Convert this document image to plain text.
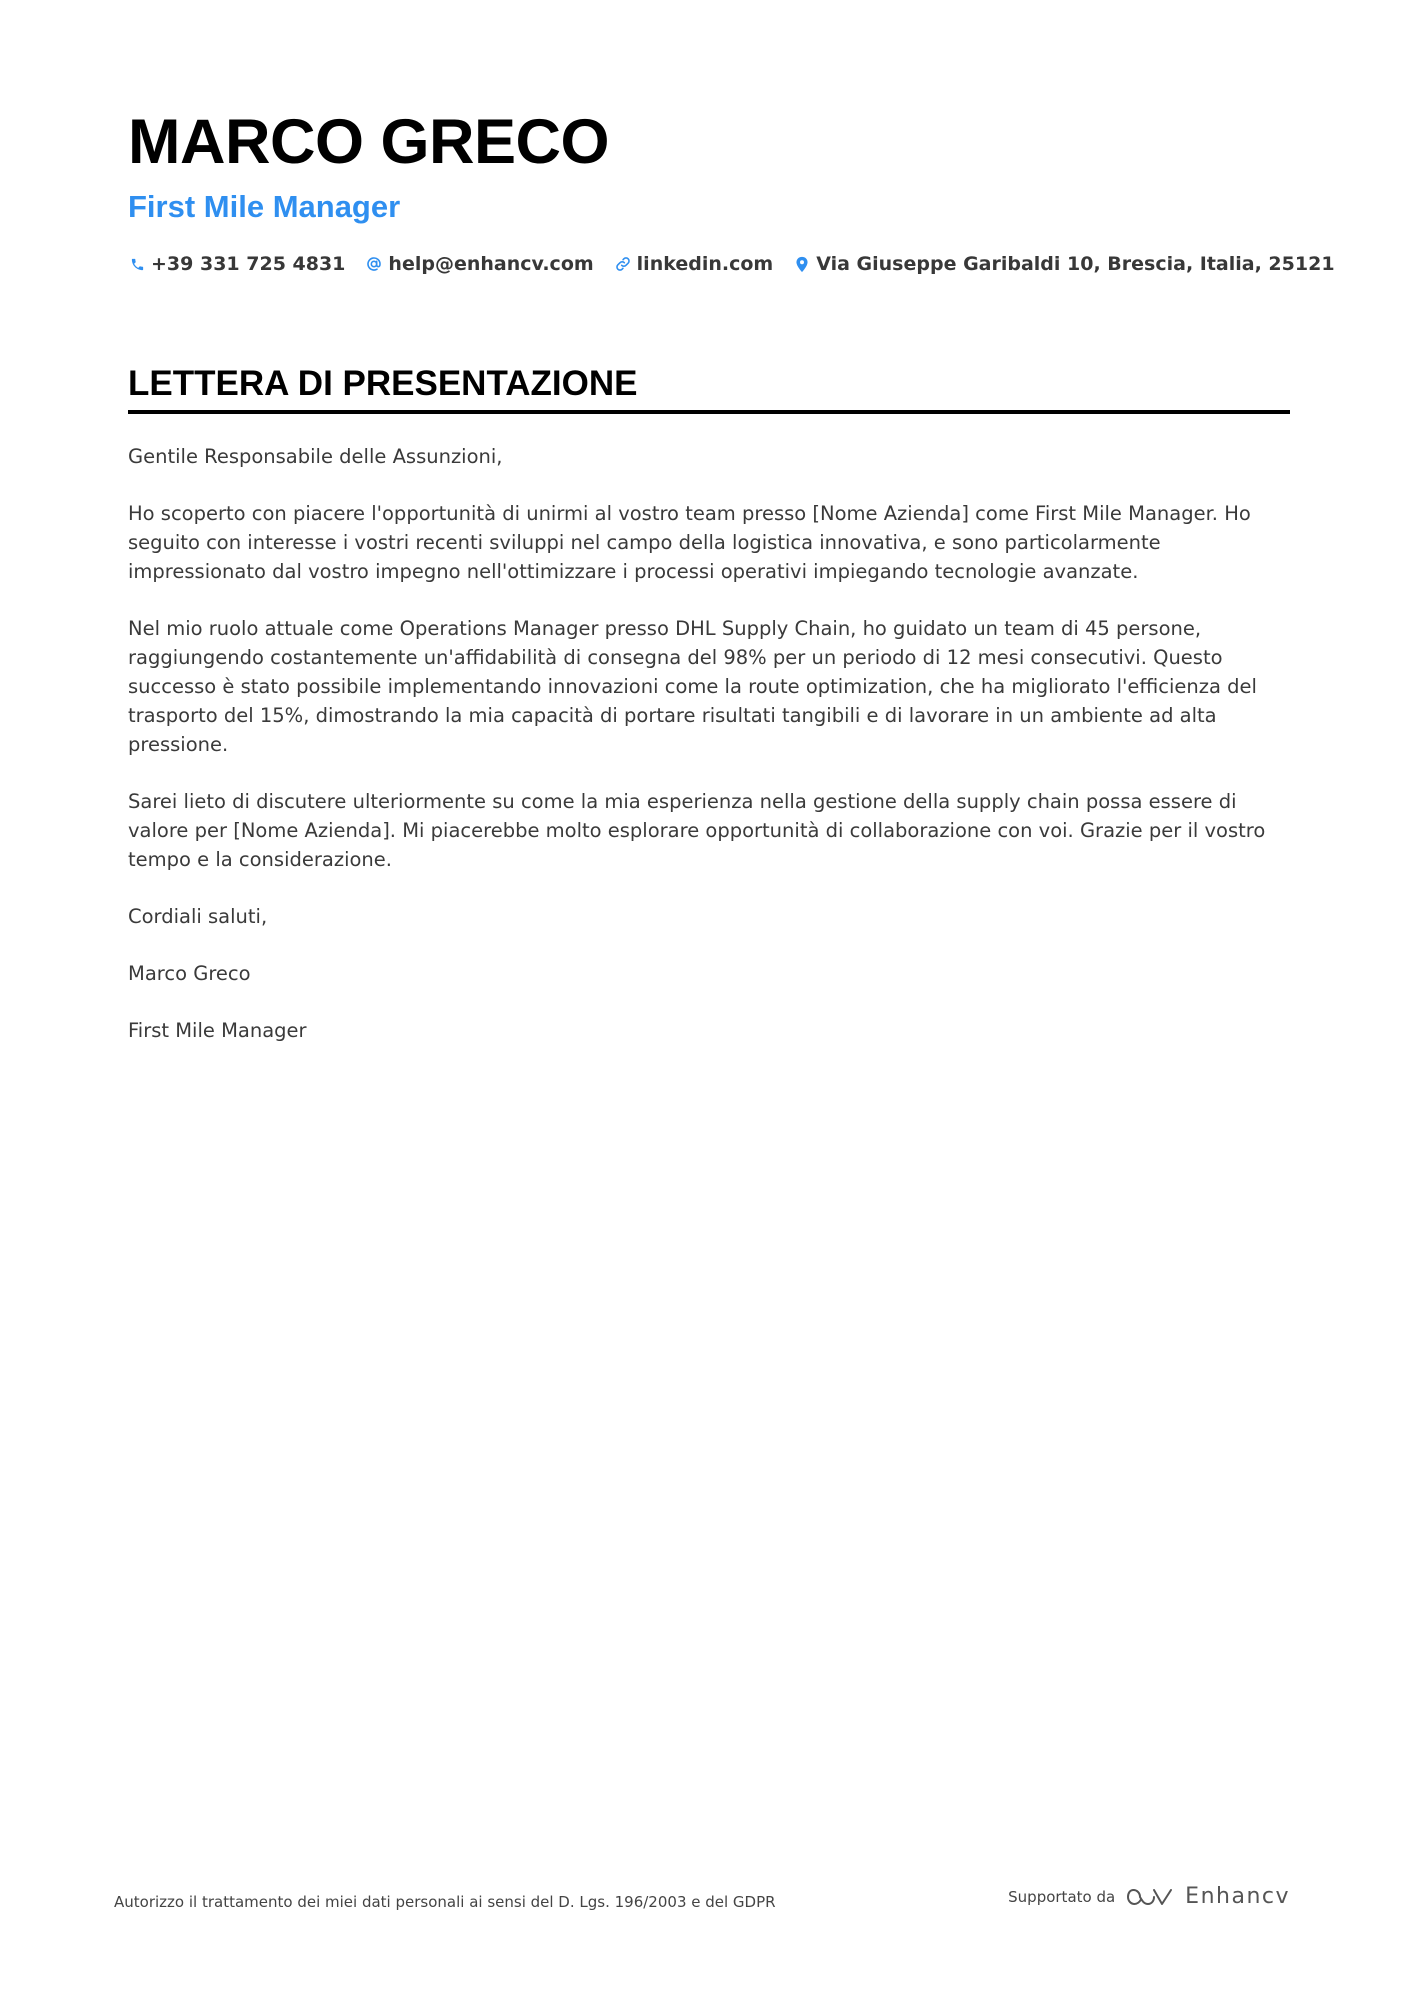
MARCO GRECO
First Mile Manager
+39 331 725 4831 help@enhancv.com linkedin.com Via Giuseppe Garibaldi 10, Brescia, Italia, 25121
LETTERA DI PRESENTAZIONE

Gentile Responsabile delle Assunzioni,

Ho scoperto con piacere l'opportunità di unirmi al vostro team presso [Nome Azienda] come First Mile Manager. Ho seguito con interesse i vostri recenti sviluppi nel campo della logistica innovativa, e sono particolarmente impressionato dal vostro impegno nell'ottimizzare i processi operativi impiegando tecnologie avanzate.

Nel mio ruolo attuale come Operations Manager presso DHL Supply Chain, ho guidato un team di 45 persone, raggiungendo costantemente un'affidabilità di consegna del 98% per un periodo di 12 mesi consecutivi. Questo successo è stato possibile implementando innovazioni come la route optimization, che ha migliorato l'efficienza del trasporto del 15%, dimostrando la mia capacità di portare risultati tangibili e di lavorare in un ambiente ad alta pressione.

Sarei lieto di discutere ulteriormente su come la mia esperienza nella gestione della supply chain possa essere di valore per [Nome Azienda]. Mi piacerebbe molto esplorare opportunità di collaborazione con voi. Grazie per il vostro tempo e la considerazione.

Cordiali saluti,

Marco Greco

First Mile Manager

Autorizzo il trattamento dei miei dati personali ai sensi del D. Lgs. 196/2003 e del GDPR	Supportato da	Enhancv
